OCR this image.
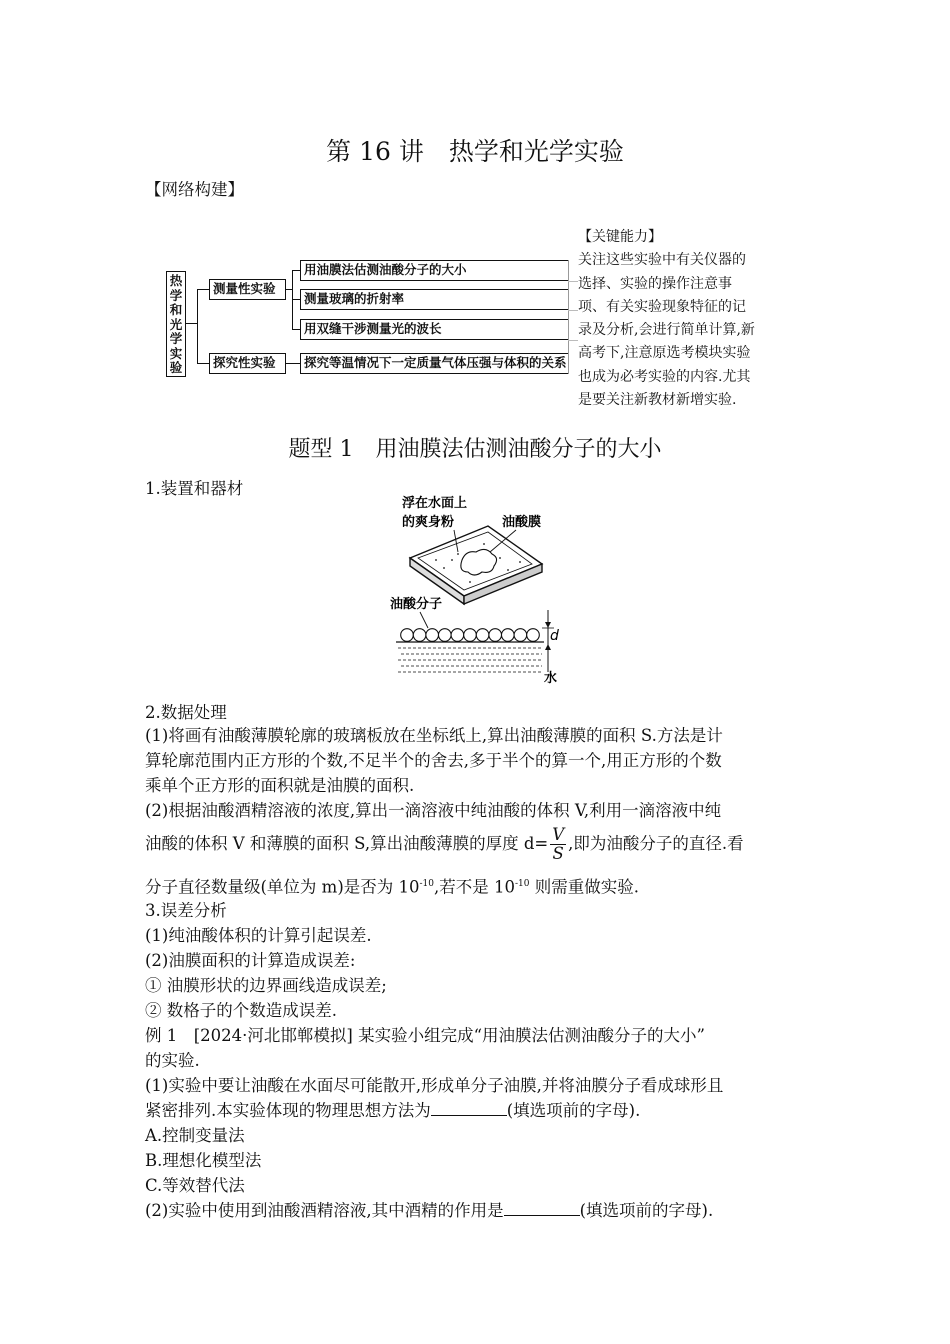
第 16 讲　热学和光学实验
【网络构建】
热学和光学实验
测量性实验
探究性实验
用油膜法估测油酸分子的大小
测量玻璃的折射率
用双缝干涉测量光的波长
探究等温情况下一定质量气体压强与体积的关系
【关键能力】
关注这些实验中有关仪器的
选择、实验的操作注意事
项、有关实验现象特征的记
录及分析,会进行简单计算,新
高考下,注意原选考模块实验
也成为必考实验的内容.尤其
是要关注新教材新增实验.
题型 1　用油膜法估测油酸分子的大小
1.装置和器材
浮在水面上
的爽身粉	油酸膜
油酸分子
d
水
2.数据处理
(1)将画有油酸薄膜轮廓的玻璃板放在坐标纸上,算出油酸薄膜的面积 S.方法是计
算轮廓范围内正方形的个数,不足半个的舍去,多于半个的算一个,用正方形的个数
乘单个正方形的面积就是油膜的面积.
(2)根据油酸酒精溶液的浓度,算出一滴溶液中纯油酸的体积 V,利用一滴溶液中纯
油酸的体积 V 和薄膜的面积 S,算出油酸薄膜的厚度 $d= \frac{V}{S}$ ,即为油酸分子的直径.看
分子直径数量级(单位为 m)是否为 $10^{-10}$,若不是 $10^{-10}$ 则需重做实验.
3.误差分析
(1)纯油酸体积的计算引起误差.
(2)油膜面积的计算造成误差:
① 油膜形状的边界画线造成误差;
② 数格子的个数造成误差.
例 1　[2024·河北邯郸模拟] 某实验小组完成“用油膜法估测油酸分子的大小”
的实验.
(1)实验中要让油酸在水面尽可能散开,形成单分子油膜,并将油膜分子看成球形且
紧密排列.本实验体现的物理思想方法为	(填选项前的字母).
A.控制变量法
B.理想化模型法
C.等效替代法
(2)实验中使用到油酸酒精溶液,其中酒精的作用是	(填选项前的字母).
